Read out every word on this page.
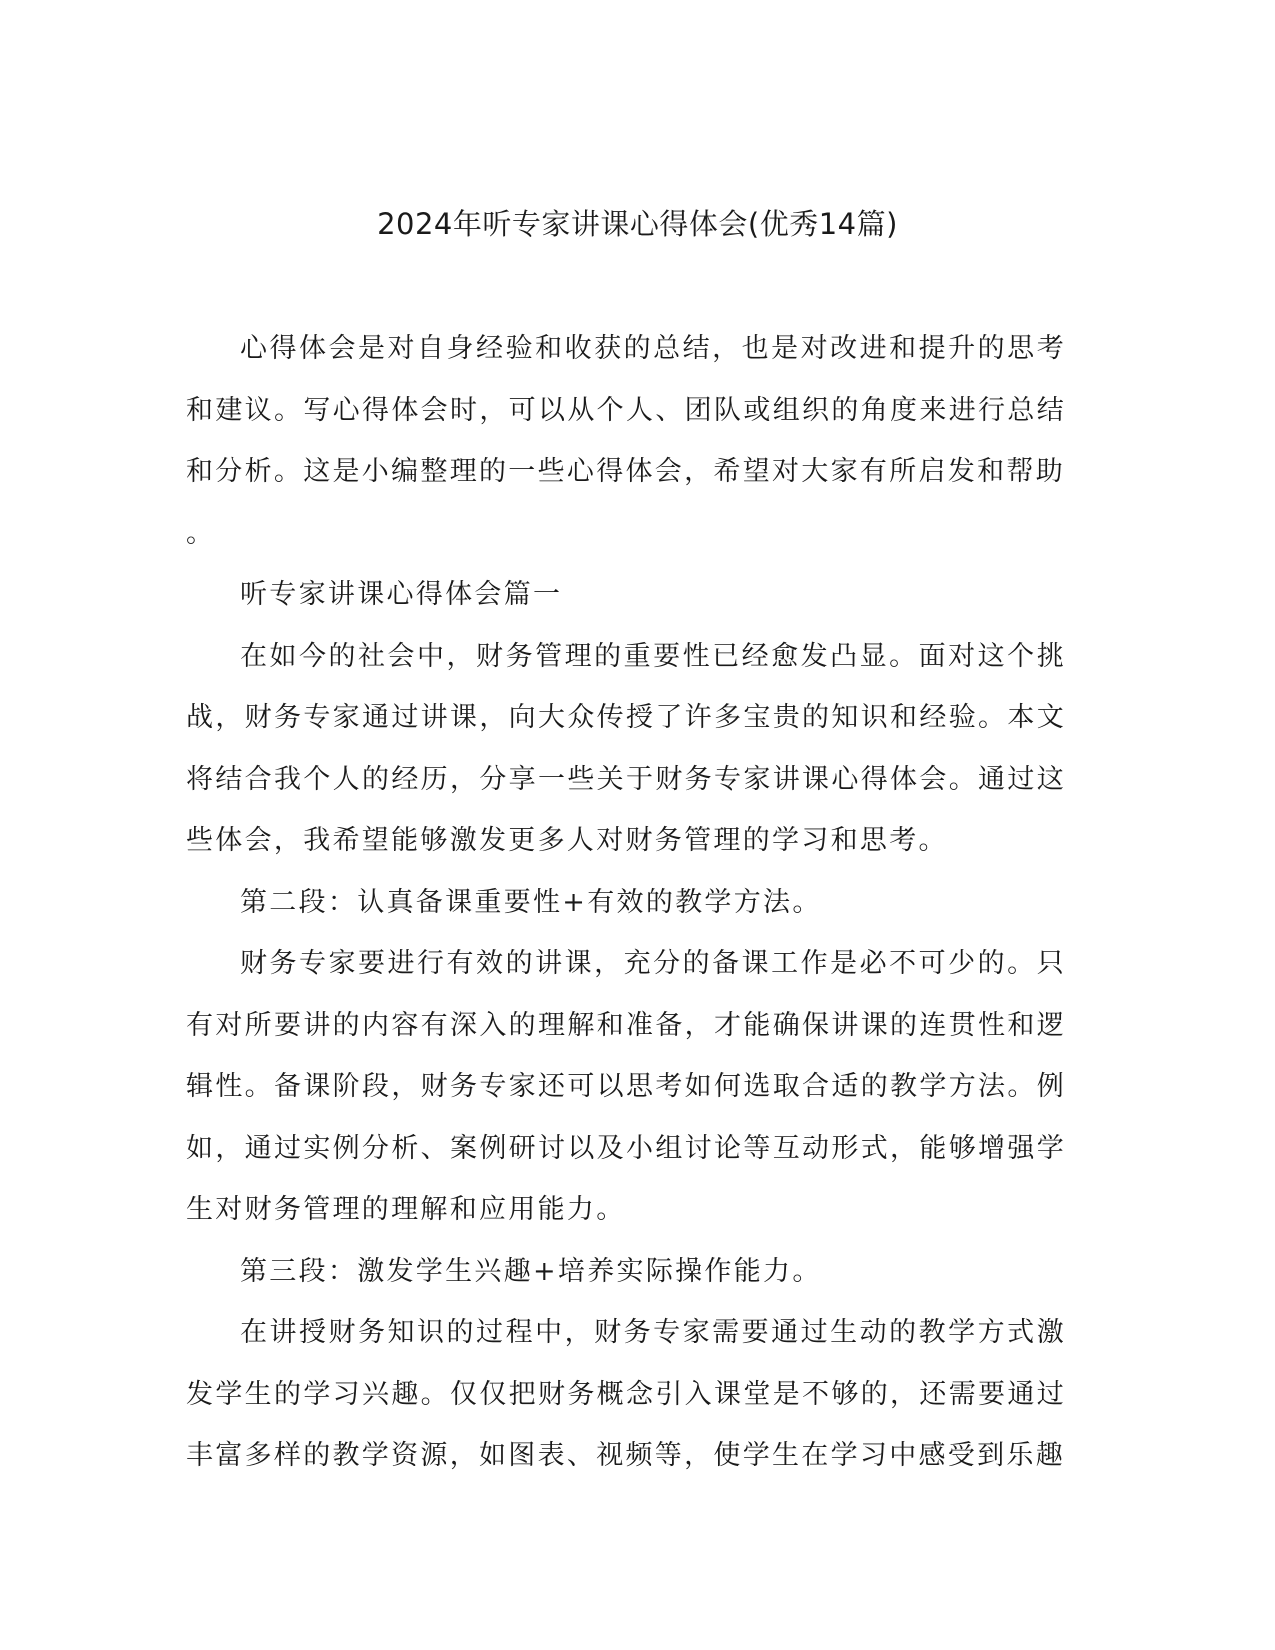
2024年听专家讲课心得体会(优秀14篇)

心得体会是对自身经验和收获的总结，也是对改进和提升的思考和建议。写心得体会时，可以从个人、团队或组织的角度来进行总结和分析。这是小编整理的一些心得体会，希望对大家有所启发和帮助

。

听专家讲课心得体会篇一

在如今的社会中，财务管理的重要性已经愈发凸显。面对这个挑战，财务专家通过讲课，向大众传授了许多宝贵的知识和经验。本文将结合我个人的经历，分享一些关于财务专家讲课心得体会。通过这些体会，我希望能够激发更多人对财务管理的学习和思考。

第二段：认真备课重要性+有效的教学方法。

财务专家要进行有效的讲课，充分的备课工作是必不可少的。只有对所要讲的内容有深入的理解和准备，才能确保讲课的连贯性和逻辑性。备课阶段，财务专家还可以思考如何选取合适的教学方法。例如，通过实例分析、案例研讨以及小组讨论等互动形式，能够增强学生对财务管理的理解和应用能力。

第三段：激发学生兴趣+培养实际操作能力。

在讲授财务知识的过程中，财务专家需要通过生动的教学方式激发学生的学习兴趣。仅仅把财务概念引入课堂是不够的，还需要通过丰富多样的教学资源，如图表、视频等，使学生在学习中感受到乐趣
